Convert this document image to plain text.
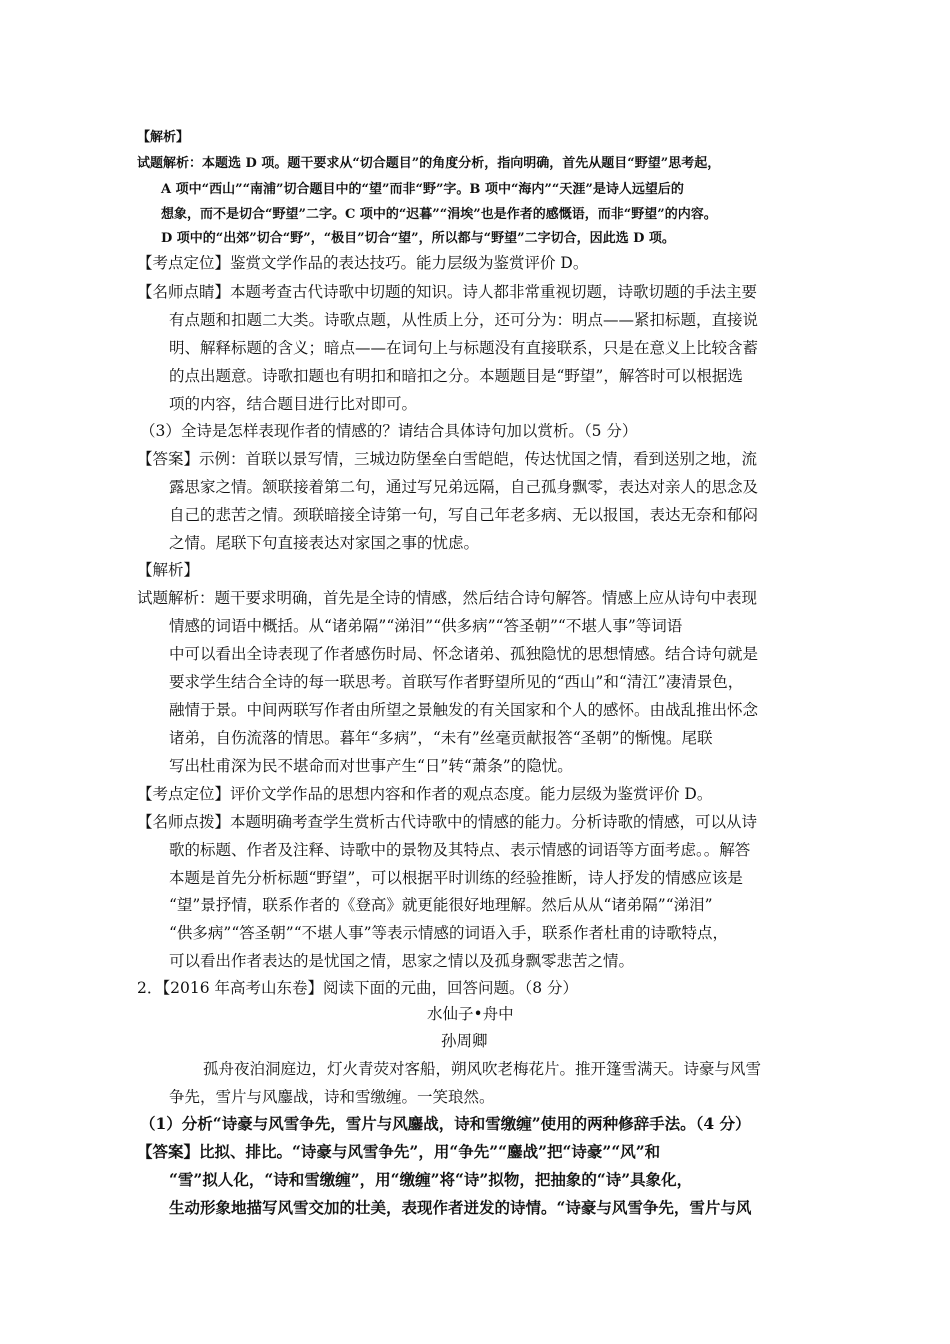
【解析】
试题解析：本题选 D 项。题干要求从“切合题目”的角度分析，指向明确，首先从题目“野望”思考起，
A 项中“西山”“南浦”切合题目中的“望”而非“野”字。B 项中“海内”“天涯”是诗人远望后的
想象，而不是切合“野望”二字。C 项中的“迟暮”“涓埃”也是作者的感慨语，而非“野望”的内容。
D 项中的“出郊”切合“野”，“极目”切合“望”，所以都与“野望”二字切合，因此选 D 项。
【考点定位】鉴赏文学作品的表达技巧。能力层级为鉴赏评价 D。
【名师点睛】本题考查古代诗歌中切题的知识。诗人都非常重视切题，诗歌切题的手法主要
有点题和扣题二大类。诗歌点题，从性质上分，还可分为：明点——紧扣标题，直接说
明、解释标题的含义；暗点——在词句上与标题没有直接联系，只是在意义上比较含蓄
的点出题意。诗歌扣题也有明扣和暗扣之分。本题题目是“野望”，解答时可以根据选
项的内容，结合题目进行比对即可。
（3）全诗是怎样表现作者的情感的？请结合具体诗句加以赏析。（5 分）
【答案】示例：首联以景写情，三城边防堡垒白雪皑皑，传达忧国之情，看到送别之地，流
露思家之情。颔联接着第二句，通过写兄弟远隔，自己孤身飘零，表达对亲人的思念及
自己的悲苦之情。颈联暗接全诗第一句，写自己年老多病、无以报国，表达无奈和郁闷
之情。尾联下句直接表达对家国之事的忧虑。
【解析】
试题解析：题干要求明确，首先是全诗的情感，然后结合诗句解答。情感上应从诗句中表现
情感的词语中概括。从“诸弟隔”“涕泪”“供多病”“答圣朝”“不堪人事”等词语
中可以看出全诗表现了作者感伤时局、怀念诸弟、孤独隐忧的思想情感。结合诗句就是
要求学生结合全诗的每一联思考。首联写作者野望所见的“西山”和“清江”凄清景色，
融情于景。中间两联写作者由所望之景触发的有关国家和个人的感怀。由战乱推出怀念
诸弟，自伤流落的情思。暮年“多病”，“未有”丝毫贡献报答“圣朝”的惭愧。尾联
写出杜甫深为民不堪命而对世事产生“日”转“萧条”的隐忧。
【考点定位】评价文学作品的思想内容和作者的观点态度。能力层级为鉴赏评价 D。
【名师点拨】本题明确考查学生赏析古代诗歌中的情感的能力。分析诗歌的情感，可以从诗
歌的标题、作者及注释、诗歌中的景物及其特点、表示情感的词语等方面考虑。。解答
本题是首先分析标题“野望”，可以根据平时训练的经验推断，诗人抒发的情感应该是
“望”景抒情，联系作者的《登高》就更能很好地理解。然后从从“诸弟隔”“涕泪”
“供多病”“答圣朝”“不堪人事”等表示情感的词语入手，联系作者杜甫的诗歌特点，
可以看出作者表达的是忧国之情，思家之情以及孤身飘零悲苦之情。
2．【2016 年高考山东卷】阅读下面的元曲，回答问题。（8 分）
水仙子•舟中
孙周卿
孤舟夜泊洞庭边，灯火青荧对客船，朔风吹老梅花片。推开篷雪满天。诗豪与风雪
争先，雪片与风鏖战，诗和雪缴缠。一笑琅然。
（1）分析“诗豪与风雪争先，雪片与风鏖战，诗和雪缴缠”使用的两种修辞手法。（4 分）
【答案】比拟、排比。“诗豪与风雪争先”，用“争先”“鏖战”把“诗豪”“风”和
“雪”拟人化，“诗和雪缴缠”，用“缴缠”将“诗”拟物，把抽象的“诗”具象化，
生动形象地描写风雪交加的壮美，表现作者迸发的诗情。“诗豪与风雪争先，雪片与风
